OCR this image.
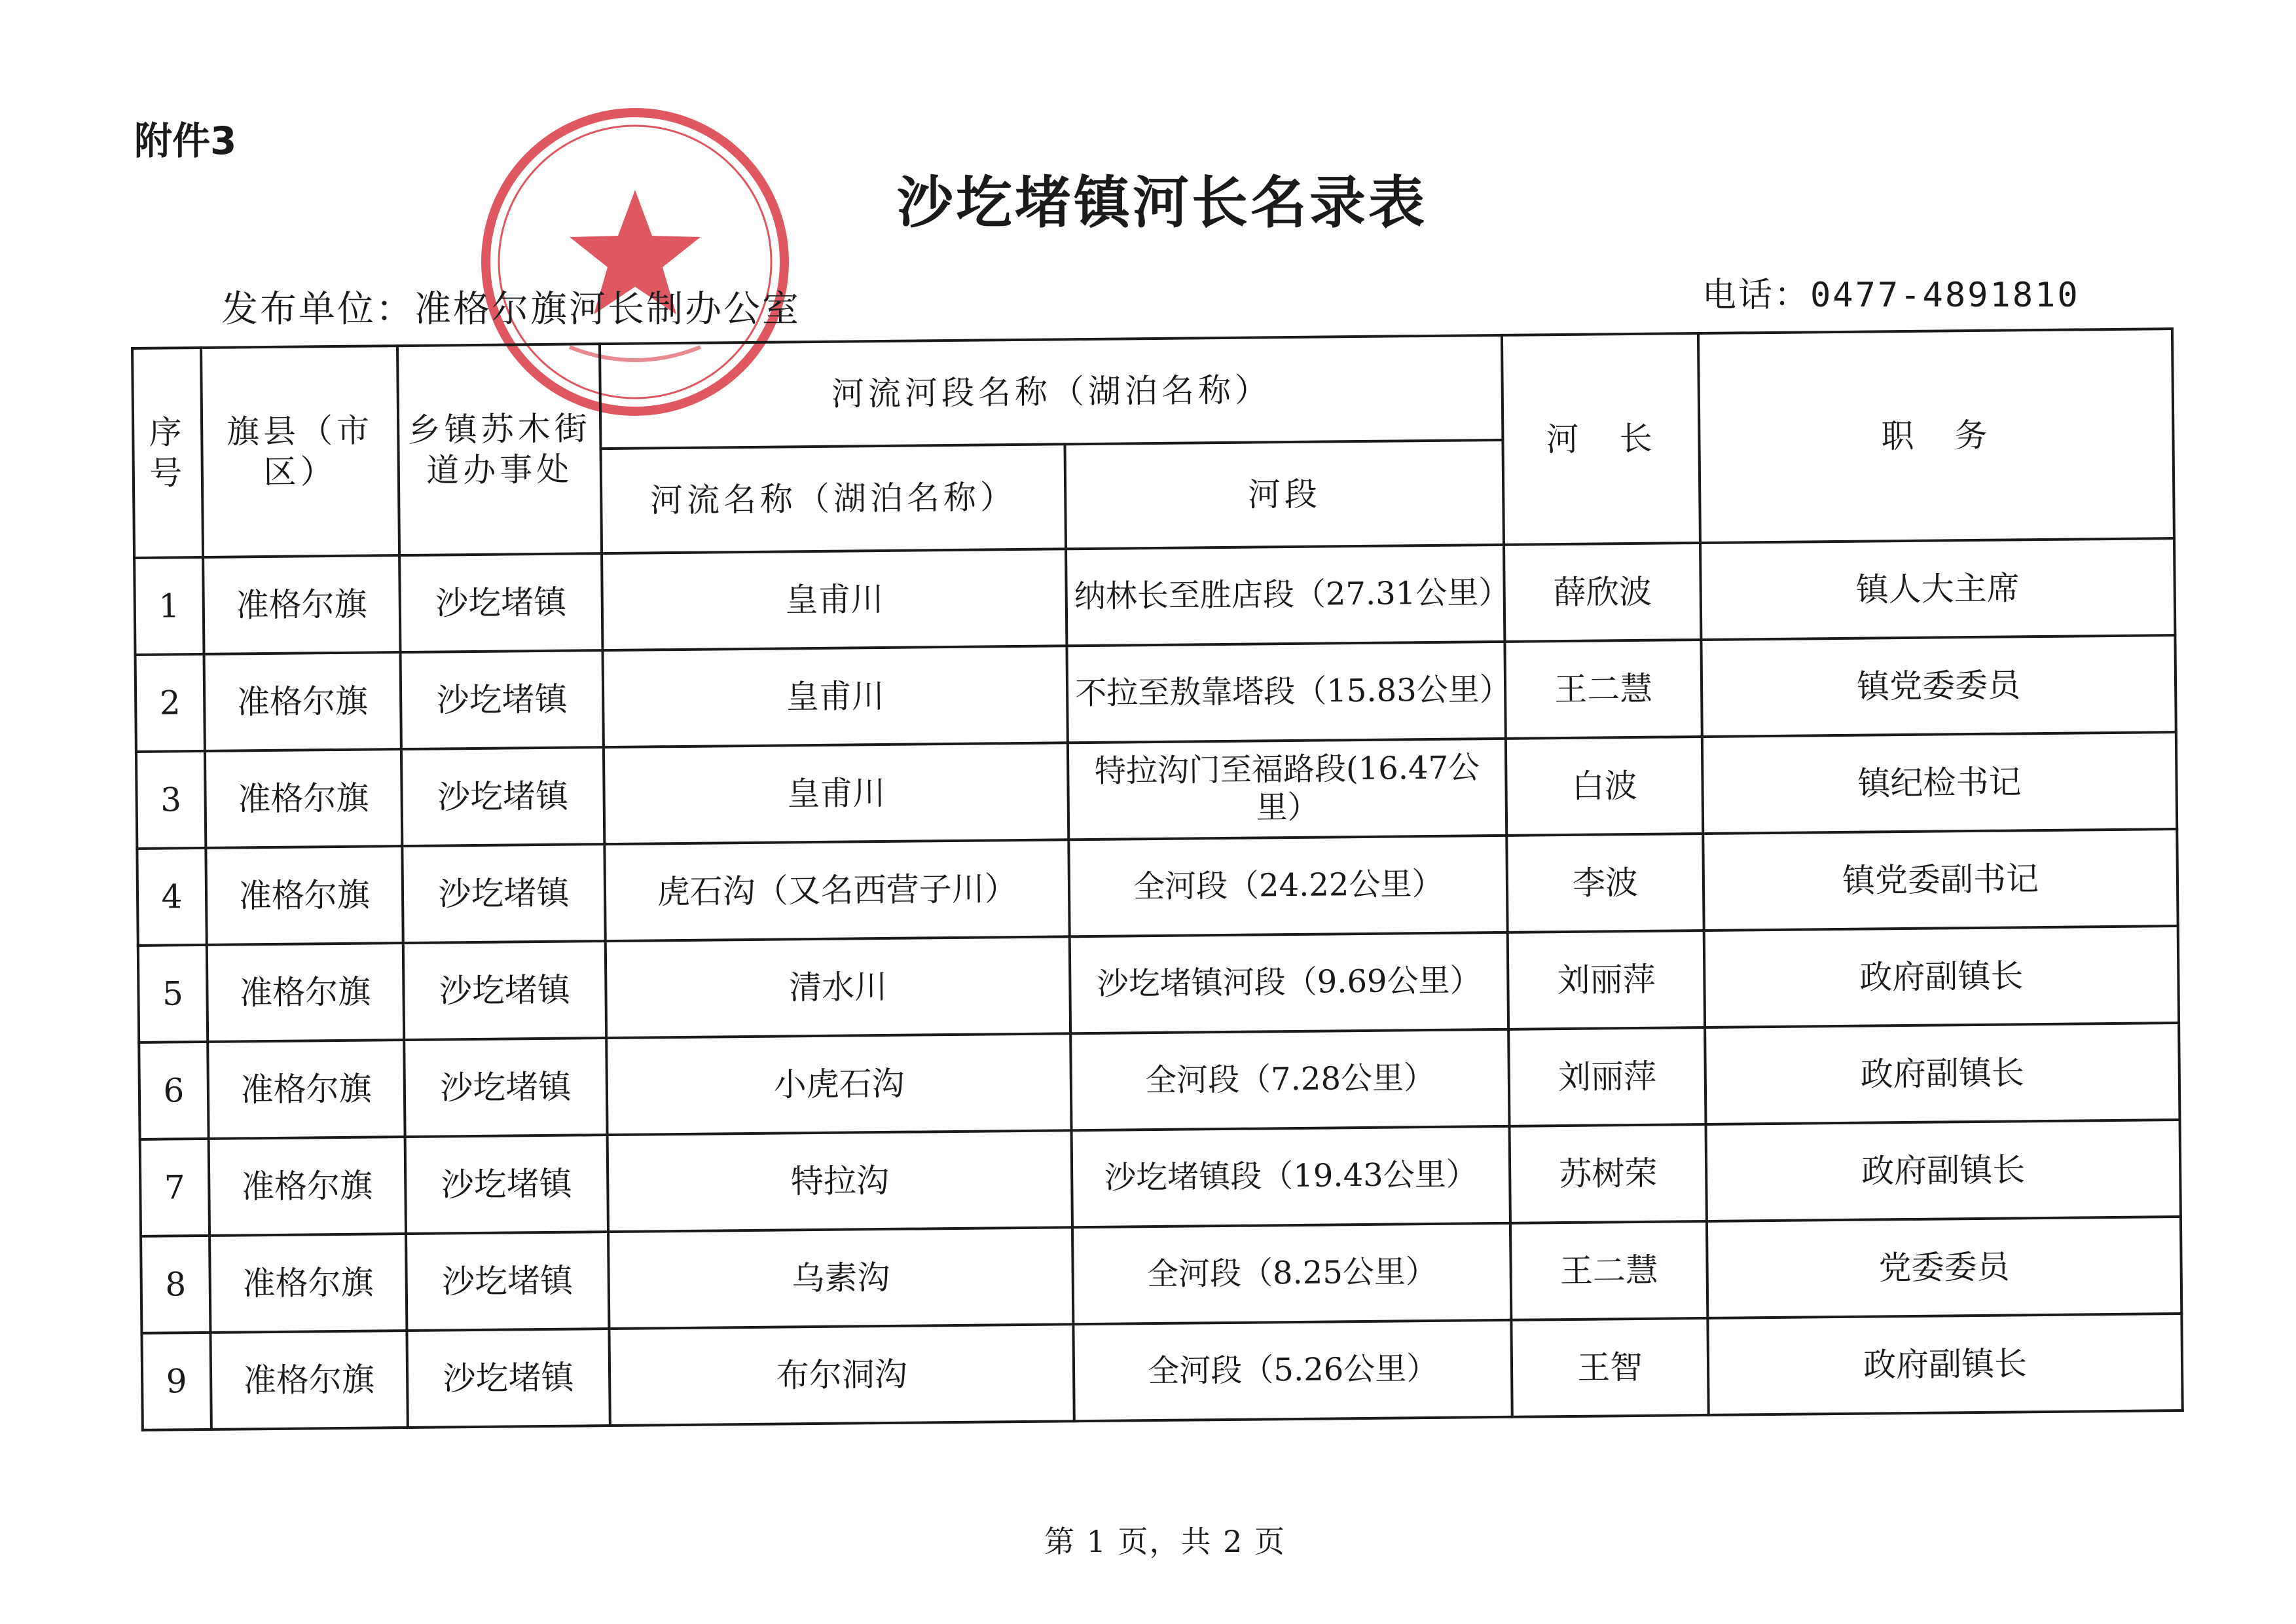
附件3
沙圪堵镇河长名录表
发布单位：准格尔旗河长制办公室	电话：0477-4891810
序号	旗县（市区）	乡镇苏木街道办事处	河流河段名称（湖泊名称）		河　长	职　务
			河流名称（湖泊名称）	河段		
1	准格尔旗	沙圪堵镇	皇甫川	纳林长至胜店段（27.31公里）	薛欣波	镇人大主席
2	准格尔旗	沙圪堵镇	皇甫川	不拉至敖靠塔段（15.83公里）	王二慧	镇党委委员
3	准格尔旗	沙圪堵镇	皇甫川	特拉沟门至福路段(16.47公里）	白波	镇纪检书记
4	准格尔旗	沙圪堵镇	虎石沟（又名西营子川）	全河段（24.22公里）	李波	镇党委副书记
5	准格尔旗	沙圪堵镇	清水川	沙圪堵镇河段（9.69公里）	刘丽萍	政府副镇长
6	准格尔旗	沙圪堵镇	小虎石沟	全河段（7.28公里）	刘丽萍	政府副镇长
7	准格尔旗	沙圪堵镇	特拉沟	沙圪堵镇段（19.43公里）	苏树荣	政府副镇长
8	准格尔旗	沙圪堵镇	乌素沟	全河段（8.25公里）	王二慧	党委委员
9	准格尔旗	沙圪堵镇	布尔洞沟	全河段（5.26公里）	王智	政府副镇长
第 1 页，共 2 页
